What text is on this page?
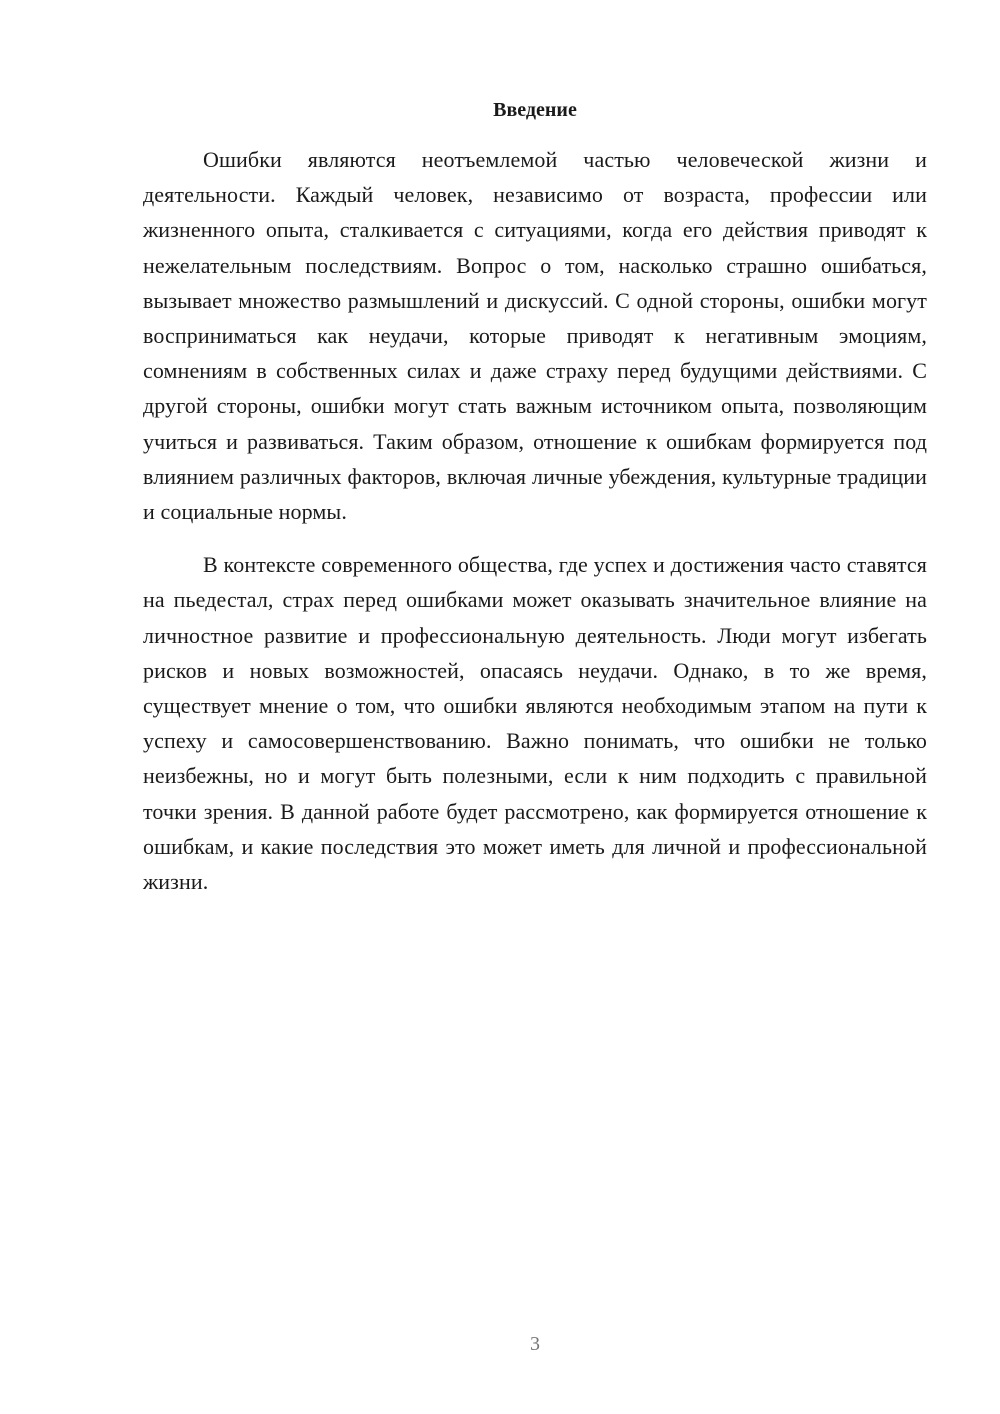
Введение

Ошибки являются неотъемлемой частью человеческой жизни и деятельности. Каждый человек, независимо от возраста, профессии или жизненного опыта, сталкивается с ситуациями, когда его действия приводят к нежелательным последствиям. Вопрос о том, насколько страшно ошибаться, вызывает множество размышлений и дискуссий. С одной стороны, ошибки могут восприниматься как неудачи, которые приводят к негативным эмоциям, сомнениям в собственных силах и даже страху перед будущими действиями. С другой стороны, ошибки могут стать важным источником опыта, позволяющим учиться и развиваться. Таким образом, отношение к ошибкам формируется под влиянием различных факторов, включая личные убеждения, культурные традиции и социальные нормы.

В контексте современного общества, где успех и достижения часто ставятся на пьедестал, страх перед ошибками может оказывать значительное влияние на личностное развитие и профессиональную деятельность. Люди могут избегать рисков и новых возможностей, опасаясь неудачи. Однако, в то же время, существует мнение о том, что ошибки являются необходимым этапом на пути к успеху и самосовершенствованию. Важно понимать, что ошибки не только неизбежны, но и могут быть полезными, если к ним подходить с правильной точки зрения. В данной работе будет рассмотрено, как формируется отношение к ошибкам, и какие последствия это может иметь для личной и профессиональной жизни.

3
